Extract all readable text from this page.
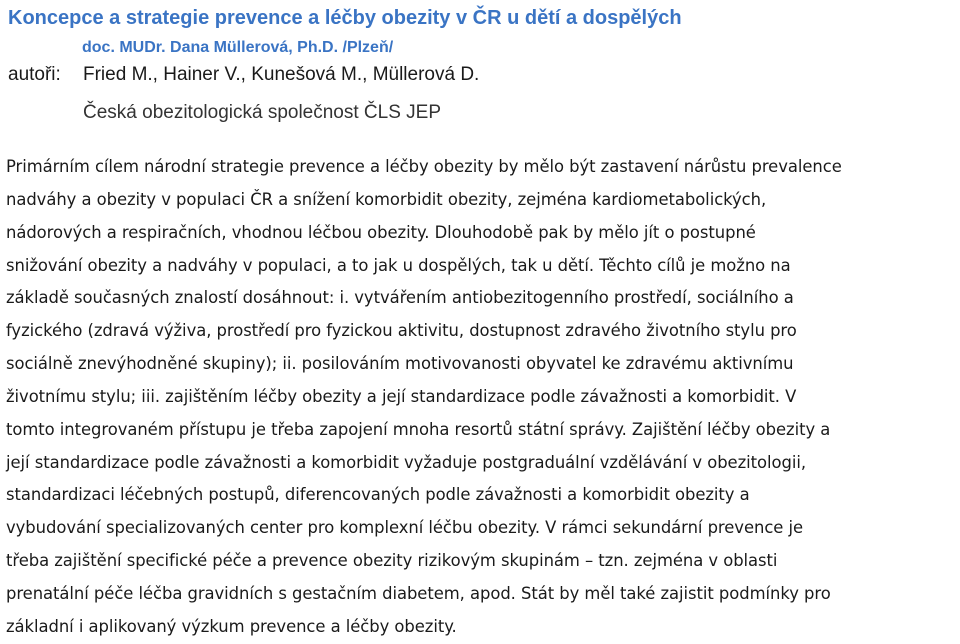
Koncepce a strategie prevence a léčby obezity v ČR u dětí a dospělých
doc. MUDr. Dana Müllerová, Ph.D. /Plzeň/
autoři: Fried M., Hainer V., Kunešová M., Müllerová D.
Česká obezitologická společnost ČLS JEP
Primárním cílem národní strategie prevence a léčby obezity by mělo být zastavení nárůstu prevalence
nadváhy a obezity v populaci ČR a snížení komorbidit obezity, zejména kardiometabolických,
nádorových a respiračních, vhodnou léčbou obezity. Dlouhodobě pak by mělo jít o postupné
snižování obezity a nadváhy v populaci, a to jak u dospělých, tak u dětí. Těchto cílů je možno na
základě současných znalostí dosáhnout: i. vytvářením antiobezitogenního prostředí, sociálního a
fyzického (zdravá výživa, prostředí pro fyzickou aktivitu, dostupnost zdravého životního stylu pro
sociálně znevýhodněné skupiny); ii. posilováním motivovanosti obyvatel ke zdravému aktivnímu
životnímu stylu; iii. zajištěním léčby obezity a její standardizace podle závažnosti a komorbidit. V
tomto integrovaném přístupu je třeba zapojení mnoha resortů státní správy. Zajištění léčby obezity a
její standardizace podle závažnosti a komorbidit vyžaduje postgraduální vzdělávání v obezitologii,
standardizaci léčebných postupů, diferencovaných podle závažnosti a komorbidit obezity a
vybudování specializovaných center pro komplexní léčbu obezity. V rámci sekundární prevence je
třeba zajištění specifické péče a prevence obezity rizikovým skupinám – tzn. zejména v oblasti
prenatální péče léčba gravidních s gestačním diabetem, apod. Stát by měl také zajistit podmínky pro
základní i aplikovaný výzkum prevence a léčby obezity.
